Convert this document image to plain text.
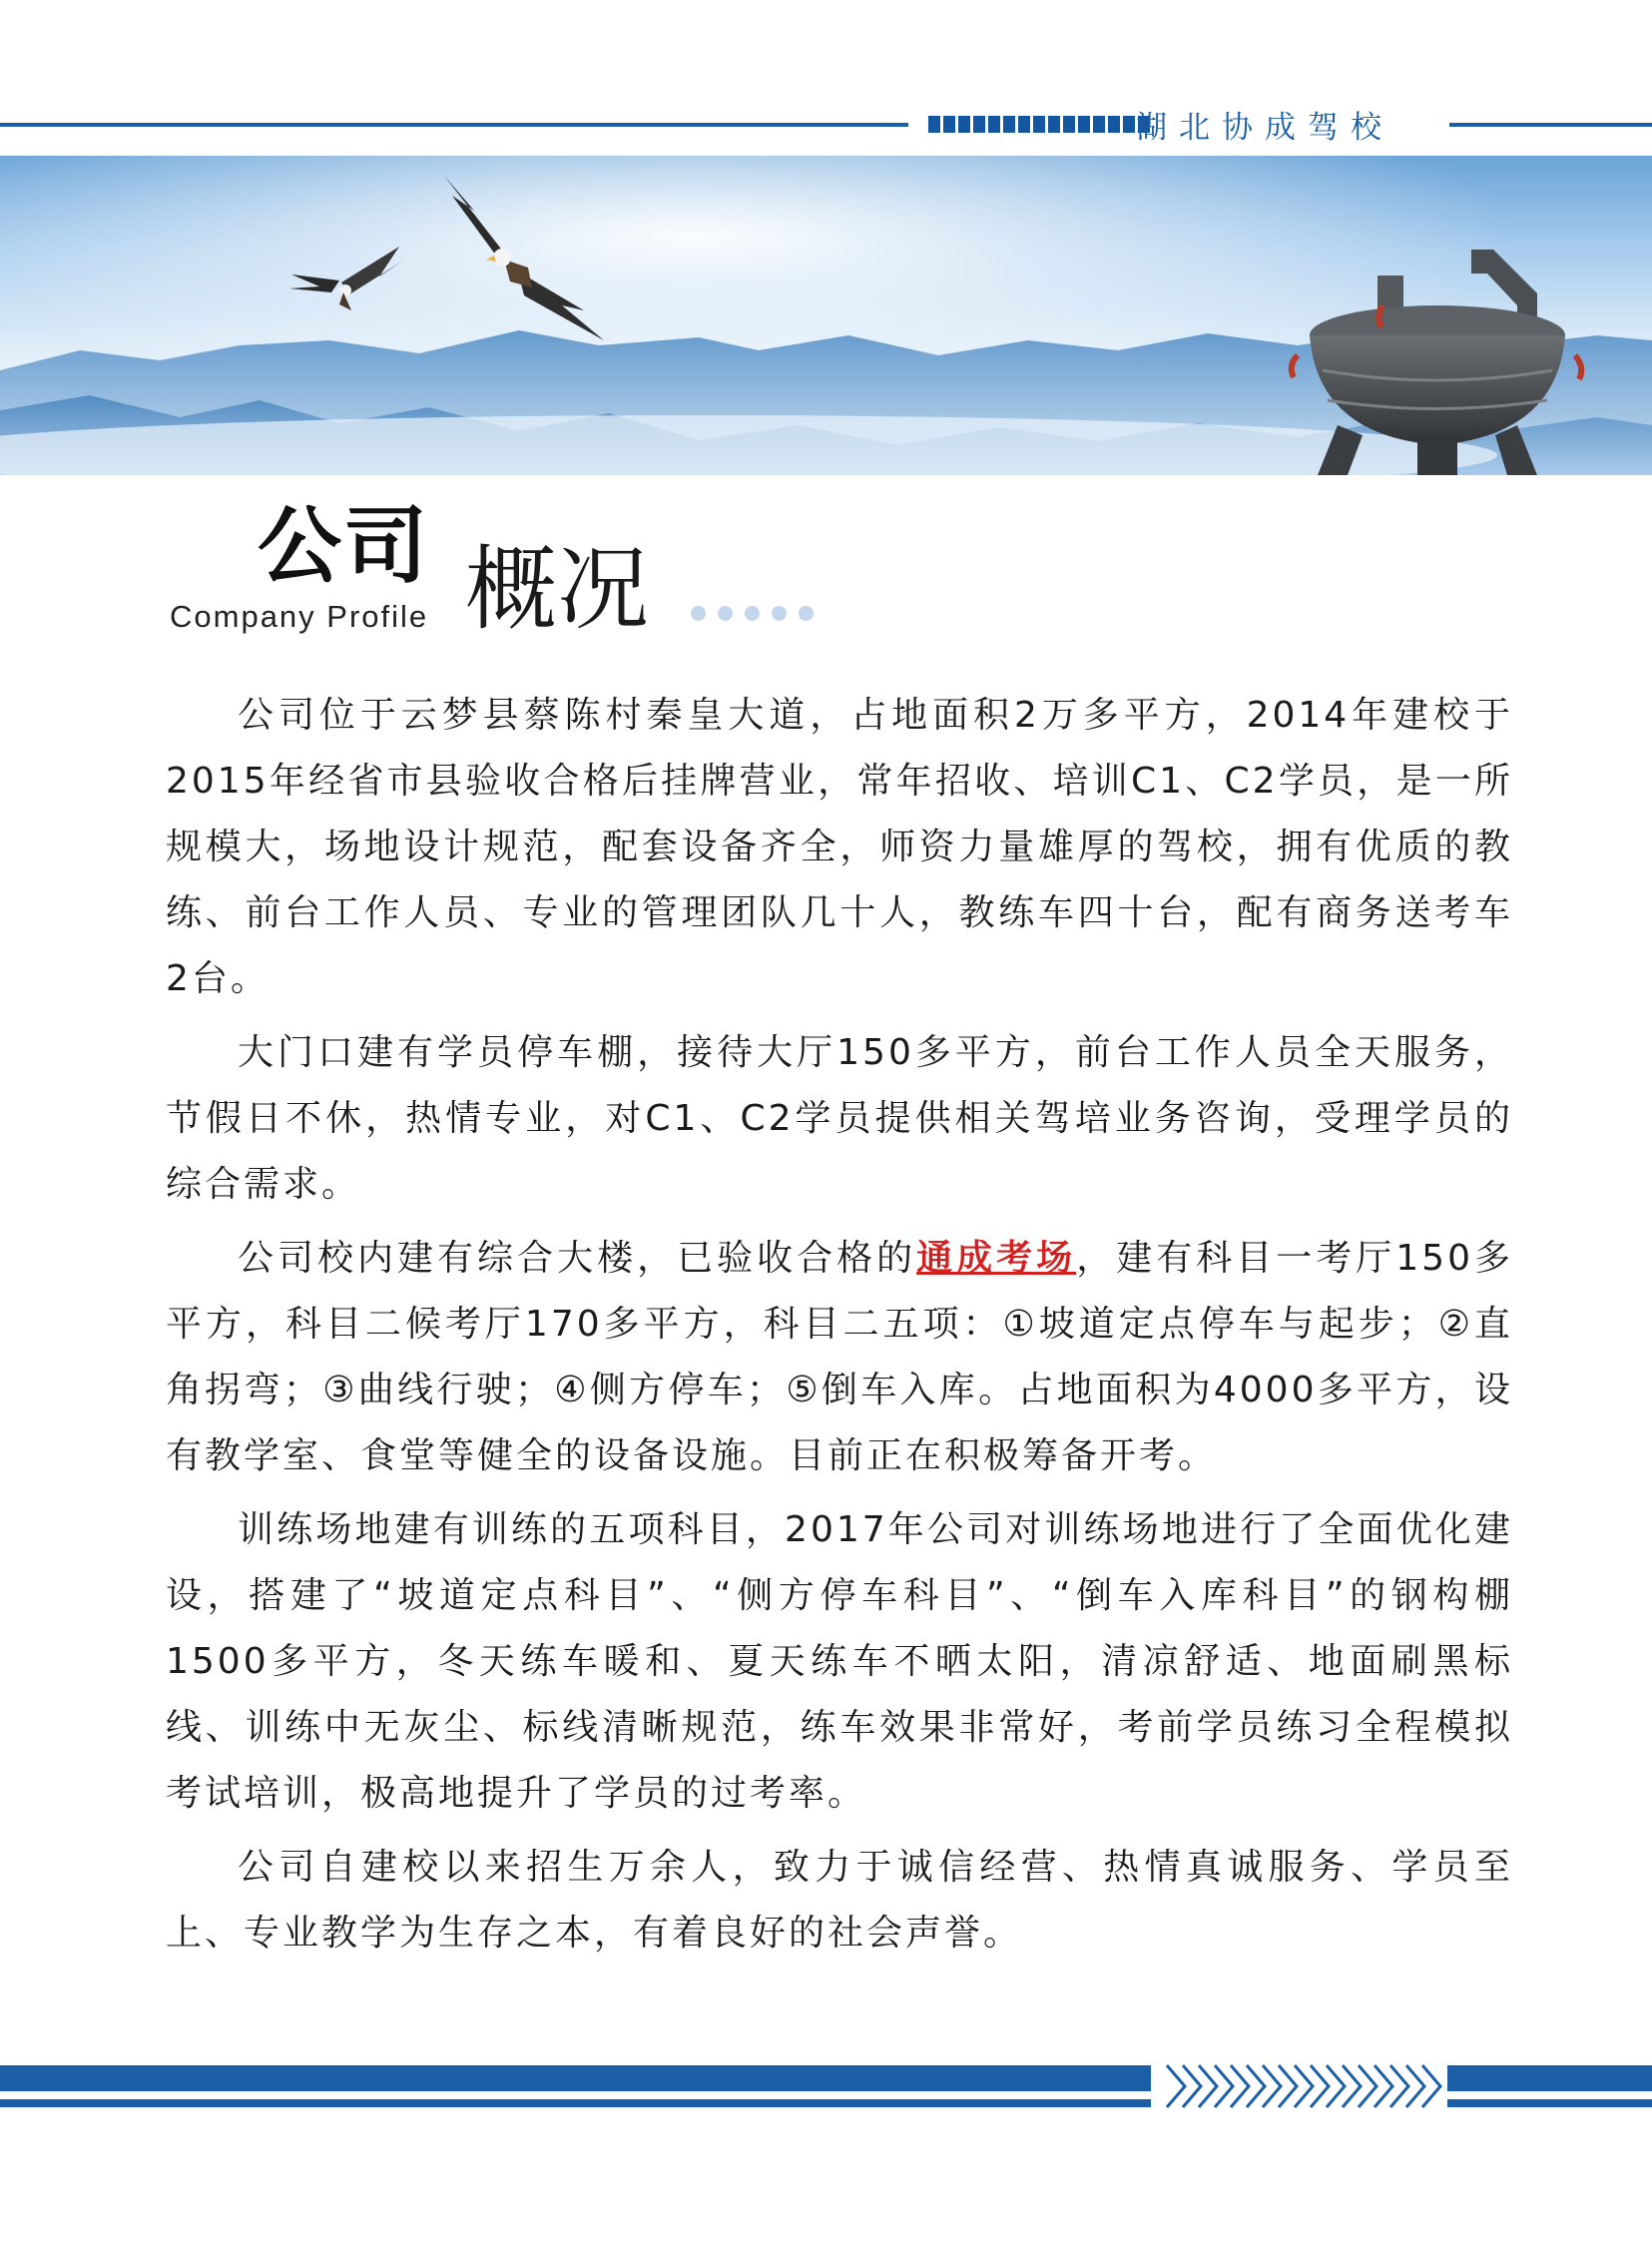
湖北协成驾校
公司 概况
Company Profile

公司位于云梦县蔡陈村秦皇大道，占地面积2万多平方，2014年建校于2015年经省市县验收合格后挂牌营业，常年招收、培训C1、C2学员，是一所规模大，场地设计规范，配套设备齐全，师资力量雄厚的驾校，拥有优质的教练、前台工作人员、专业的管理团队几十人，教练车四十台，配有商务送考车2台。

大门口建有学员停车棚，接待大厅150多平方，前台工作人员全天服务，节假日不休，热情专业，对C1、C2学员提供相关驾培业务咨询，受理学员的综合需求。

公司校内建有综合大楼，已验收合格的通成考场，建有科目一考厅150多平方，科目二候考厅170多平方，科目二五项：①坡道定点停车与起步；②直角拐弯；③曲线行驶；④侧方停车；⑤倒车入库。占地面积为4000多平方，设有教学室、食堂等健全的设备设施。目前正在积极筹备开考。

训练场地建有训练的五项科目，2017年公司对训练场地进行了全面优化建设，搭建了“坡道定点科目”、“侧方停车科目”、“倒车入库科目”的钢构棚1500多平方，冬天练车暖和、夏天练车不晒太阳，清凉舒适、地面刷黑标线、训练中无灰尘、标线清晰规范，练车效果非常好，考前学员练习全程模拟考试培训，极高地提升了学员的过考率。

公司自建校以来招生万余人，致力于诚信经营、热情真诚服务、学员至上、专业教学为生存之本，有着良好的社会声誉。
